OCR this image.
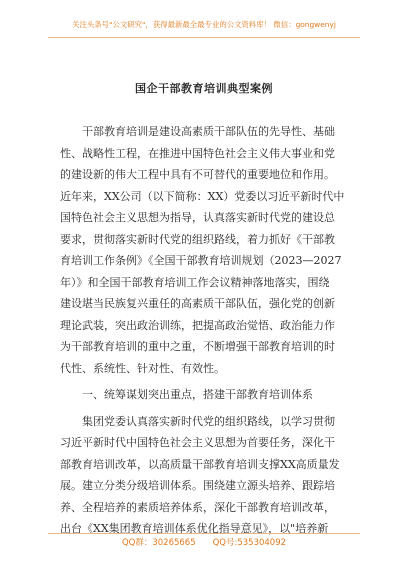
关注头条号"公文研究"，获得最新最全最专业的公文资料库！ 微信：gongwenyj
国企干部教育培训典型案例
　　干部教育培训是建设高素质干部队伍的先导性、基础
性、战略性工程，在推进中国特色社会主义伟大事业和党
的建设新的伟大工程中具有不可替代的重要地位和作用。
近年来，XX公司（以下简称：XX）党委以习近平新时代中
国特色社会主义思想为指导，认真落实新时代党的建设总
要求，贯彻落实新时代党的组织路线，着力抓好《干部教
育培训工作条例》《全国干部教育培训规划（2023—2027
年）》和全国干部教育培训工作会议精神落地落实，围绕
建设堪当民族复兴重任的高素质干部队伍，强化党的创新
理论武装，突出政治训练，把提高政治觉悟、政治能力作
为干部教育培训的重中之重，不断增强干部教育培训的时
代性、系统性、针对性、有效性。
　　一、统筹谋划突出重点，搭建干部教育培训体系
　　集团党委认真落实新时代党的组织路线，以学习贯彻
习近平新时代中国特色社会主义思想为首要任务，深化干
部教育培训改革，以高质量干部教育培训支撑XX高质量发
展。建立分类分级培训体系。围绕建立源头培养、跟踪培
养、全程培养的素质培养体系，深化干部教育培训改革，
出台《XX集团教育培训体系优化指导意见》，以"培养新
QQ群：30265665　　QQ号:535304092
